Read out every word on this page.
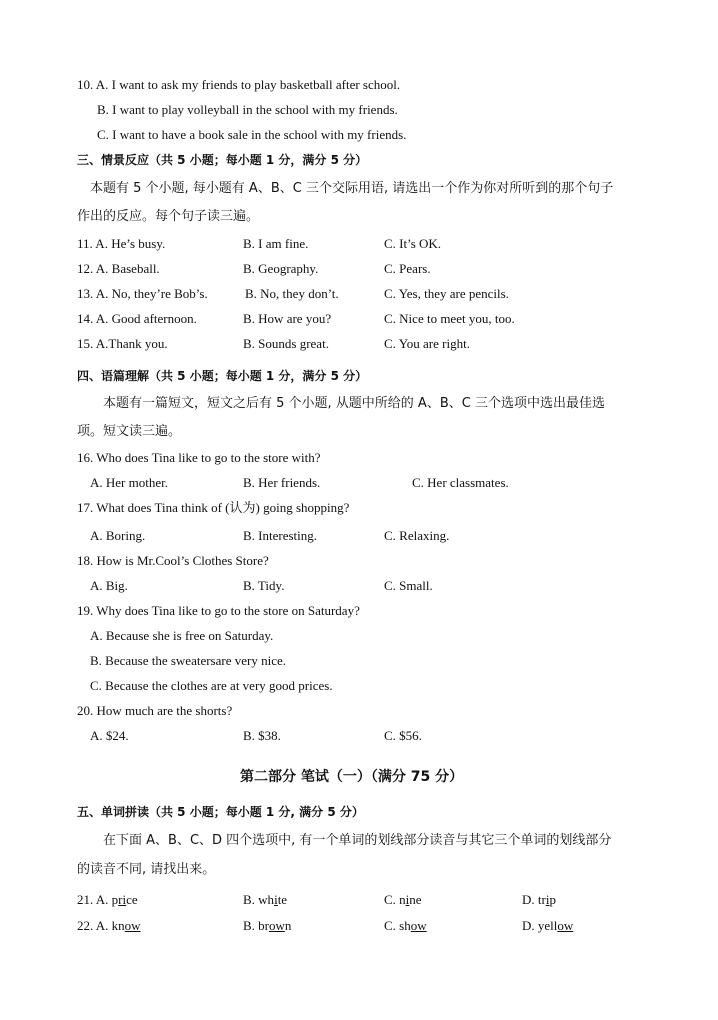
10. A. I want to ask my friends to play basketball after school.
B. I want to play volleyball in the school with my friends.
C. I want to have a book sale in the school with my friends.
三、情景反应（共 5 小题；每小题 1 分，满分 5 分）
本题有 5 个小题, 每小题有 A、B、C 三个交际用语, 请选出一个作为你对所听到的那个句子
作出的反应。每个句子读三遍。
11. A. He’s busy.	B. I am fine.	C. It’s OK.
12. A. Baseball.	B. Geography.	C. Pears.
13. A. No, they’re Bob’s.	B. No, they don’t.	C. Yes, they are pencils.
14. A. Good afternoon.	B. How are you?	C. Nice to meet you, too.
15. A.Thank you.	B. Sounds great.	C. You are right.
四、语篇理解（共 5 小题；每小题 1 分，满分 5 分）
本题有一篇短文，短文之后有 5 个小题, 从题中所给的 A、B、C 三个选项中选出最佳选
项。短文读三遍。
16. Who does Tina like to go to the store with?
A. Her mother.	B. Her friends.	C. Her classmates.
17. What does Tina think of (认为) going shopping?
A. Boring.	B. Interesting.	C. Relaxing.
18. How is Mr.Cool’s Clothes Store?
A. Big.	B. Tidy.	C. Small.
19. Why does Tina like to go to the store on Saturday?
A. Because she is free on Saturday.
B. Because the sweatersare very nice.
C. Because the clothes are at very good prices.
20. How much are the shorts?
A. $24.	B. $38.	C. $56.
第二部分 笔试（一）（满分 75 分）
五、单词拼读（共 5 小题；每小题 1 分, 满分 5 分）
在下面 A、B、C、D 四个选项中, 有一个单词的划线部分读音与其它三个单词的划线部分
的读音不同, 请找出来。
21. A. price	B. white	C. nine	D. trip
22. A. know	B. brown	C. show	D. yellow
